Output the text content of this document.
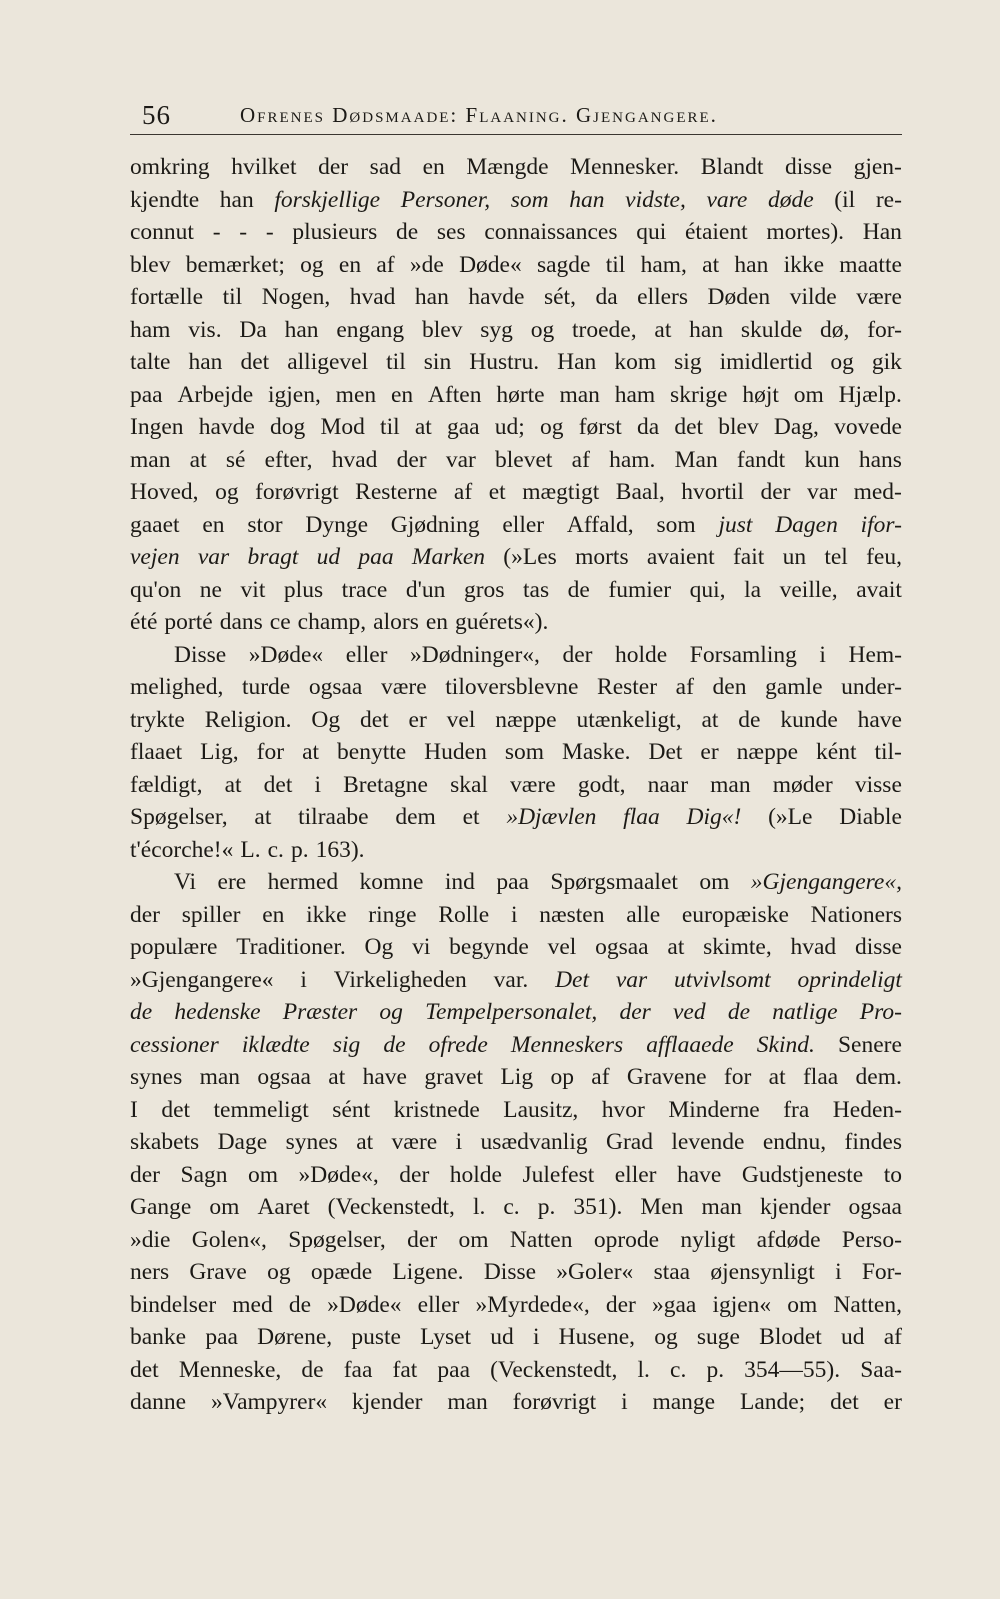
56	Ofrenes Dødsmaade: Flaaning. Gjengangere.
omkring hvilket der sad en Mængde Mennesker. Blandt disse gjen-
kjendte han forskjellige Personer, som han vidste, vare døde (il re-
connut - - - plusieurs de ses connaissances qui étaient mortes). Han
blev bemærket; og en af »de Døde« sagde til ham, at han ikke maatte
fortælle til Nogen, hvad han havde sét, da ellers Døden vilde være
ham vis. Da han engang blev syg og troede, at han skulde dø, for-
talte han det alligevel til sin Hustru. Han kom sig imidlertid og gik
paa Arbejde igjen, men en Aften hørte man ham skrige højt om Hjælp.
Ingen havde dog Mod til at gaa ud; og først da det blev Dag, vovede
man at sé efter, hvad der var blevet af ham. Man fandt kun hans
Hoved, og forøvrigt Resterne af et mægtigt Baal, hvortil der var med-
gaaet en stor Dynge Gjødning eller Affald, som just Dagen ifor-
vejen var bragt ud paa Marken (»Les morts avaient fait un tel feu,
qu'on ne vit plus trace d'un gros tas de fumier qui, la veille, avait
été porté dans ce champ, alors en guérets«).
Disse »Døde« eller »Dødninger«, der holde Forsamling i Hem-
melighed, turde ogsaa være tiloversblevne Rester af den gamle under-
trykte Religion. Og det er vel næppe utænkeligt, at de kunde have
flaaet Lig, for at benytte Huden som Maske. Det er næppe ként til-
fældigt, at det i Bretagne skal være godt, naar man møder visse
Spøgelser, at tilraabe dem et »Djævlen flaa Dig«! (»Le Diable
t'écorche!« L. c. p. 163).
Vi ere hermed komne ind paa Spørgsmaalet om »Gjengangere«,
der spiller en ikke ringe Rolle i næsten alle europæiske Nationers
populære Traditioner. Og vi begynde vel ogsaa at skimte, hvad disse
»Gjengangere« i Virkeligheden var. Det var utvivlsomt oprindeligt
de hedenske Præster og Tempelpersonalet, der ved de natlige Pro-
cessioner iklædte sig de ofrede Menneskers afflaaede Skind. Senere
synes man ogsaa at have gravet Lig op af Gravene for at flaa dem.
I det temmeligt sént kristnede Lausitz, hvor Minderne fra Heden-
skabets Dage synes at være i usædvanlig Grad levende endnu, findes
der Sagn om »Døde«, der holde Julefest eller have Gudstjeneste to
Gange om Aaret (Veckenstedt, l. c. p. 351). Men man kjender ogsaa
»die Golen«, Spøgelser, der om Natten oprode nyligt afdøde Perso-
ners Grave og opæde Ligene. Disse »Goler« staa øjensynligt i For-
bindelser med de »Døde« eller »Myrdede«, der »gaa igjen« om Natten,
banke paa Dørene, puste Lyset ud i Husene, og suge Blodet ud af
det Menneske, de faa fat paa (Veckenstedt, l. c. p. 354—55). Saa-
danne »Vampyrer« kjender man forøvrigt i mange Lande; det er
